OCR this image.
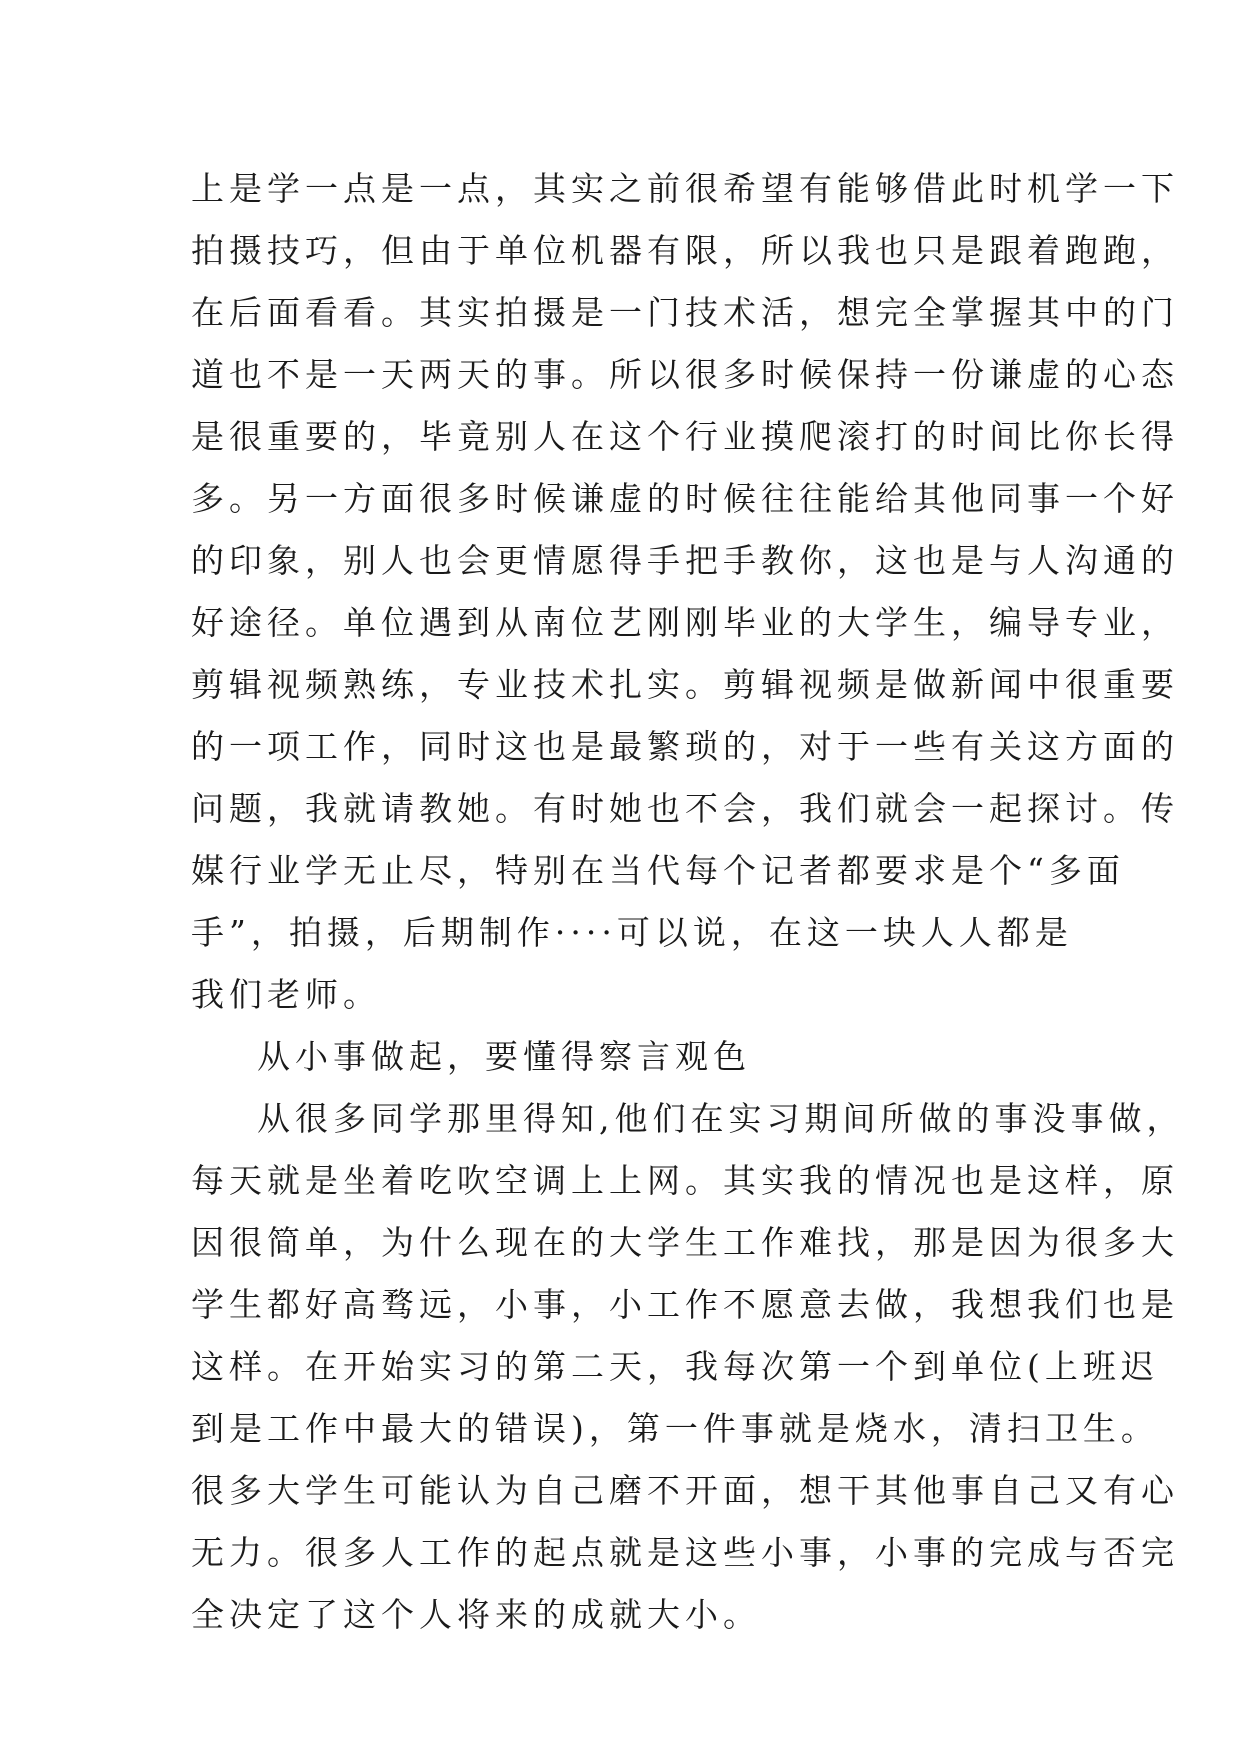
上是学一点是一点，其实之前很希望有能够借此时机学一下
拍摄技巧，但由于单位机器有限，所以我也只是跟着跑跑，
在后面看看。其实拍摄是一门技术活，想完全掌握其中的门
道也不是一天两天的事。所以很多时候保持一份谦虚的心态
是很重要的，毕竟别人在这个行业摸爬滚打的时间比你长得
多。另一方面很多时候谦虚的时候往往能给其他同事一个好
的印象，别人也会更情愿得手把手教你，这也是与人沟通的
好途径。单位遇到从南位艺刚刚毕业的大学生，编导专业，
剪辑视频熟练，专业技术扎实。剪辑视频是做新闻中很重要
的一项工作，同时这也是最繁琐的，对于一些有关这方面的
问题，我就请教她。有时她也不会，我们就会一起探讨。传
媒行业学无止尽，特别在当代每个记者都要求是个“多面
手”，拍摄，后期制作····可以说，在这一块人人都是
我们老师。
从小事做起，要懂得察言观色
从很多同学那里得知,他们在实习期间所做的事没事做，
每天就是坐着吃吹空调上上网。其实我的情况也是这样，原
因很简单，为什么现在的大学生工作难找，那是因为很多大
学生都好高骛远，小事，小工作不愿意去做，我想我们也是
这样。在开始实习的第二天，我每次第一个到单位(上班迟
到是工作中最大的错误)，第一件事就是烧水，清扫卫生。
很多大学生可能认为自己磨不开面，想干其他事自己又有心
无力。很多人工作的起点就是这些小事，小事的完成与否完
全决定了这个人将来的成就大小。
